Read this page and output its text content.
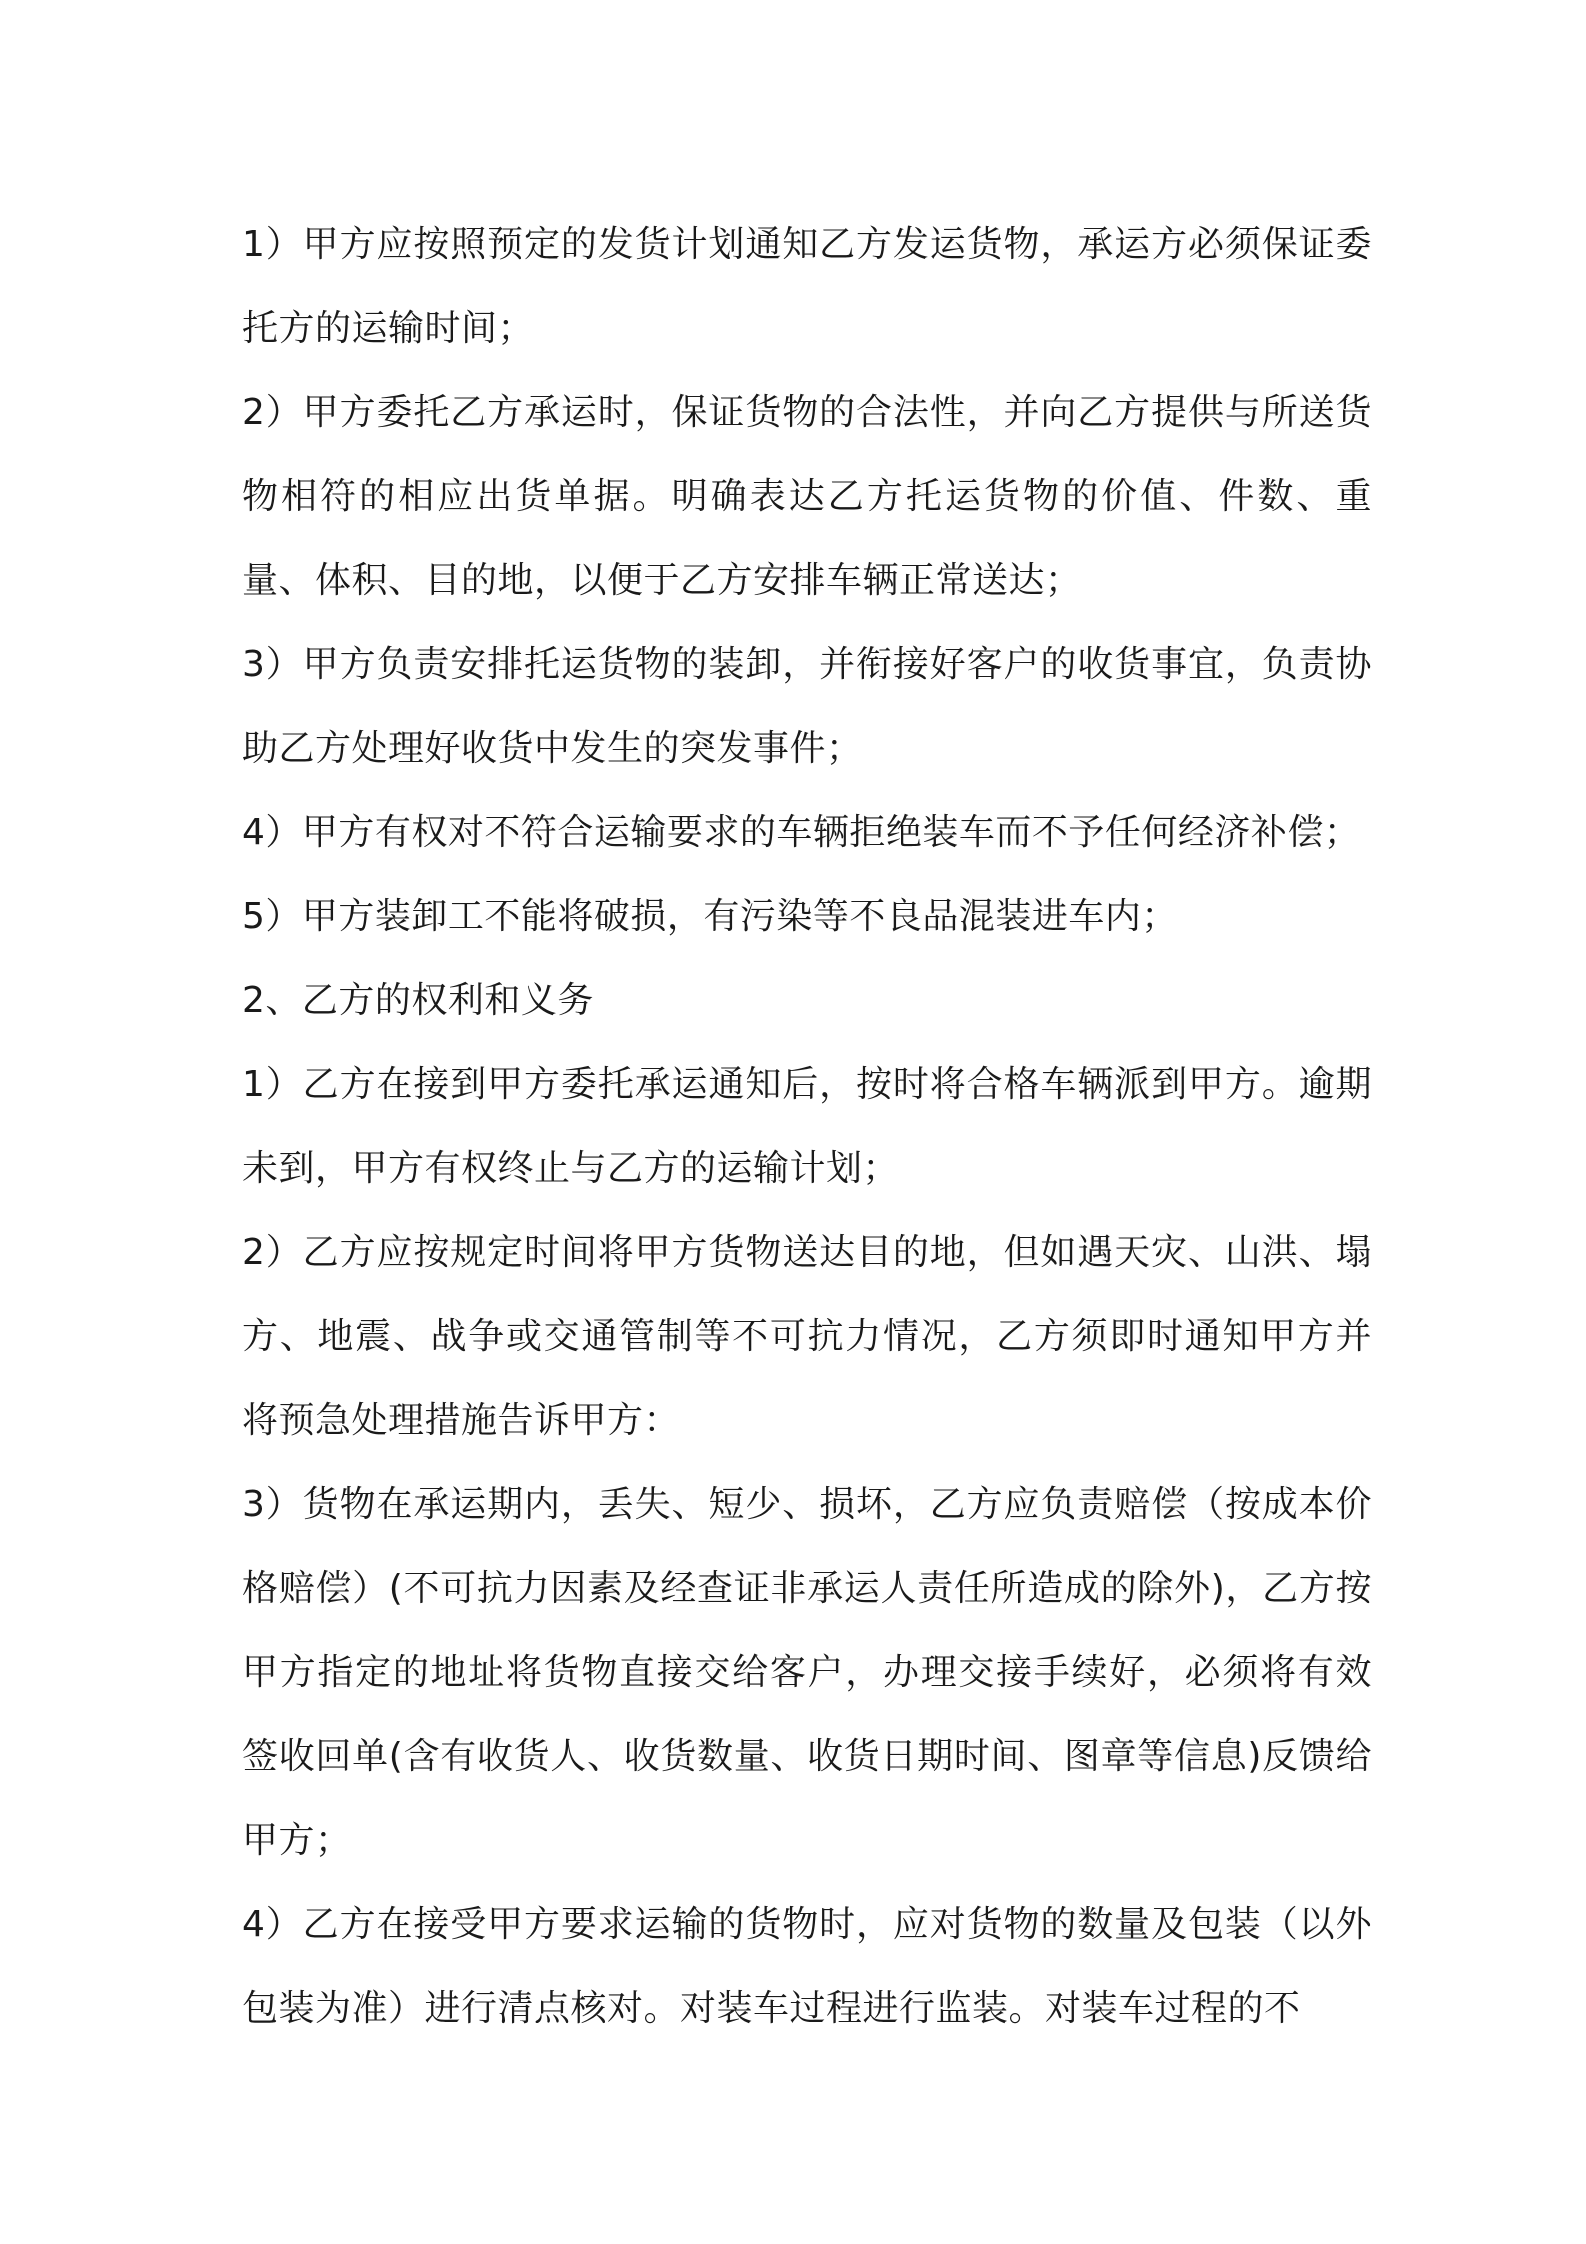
1）甲方应按照预定的发货计划通知乙方发运货物，承运方必须保证委托方的运输时间；

2）甲方委托乙方承运时，保证货物的合法性，并向乙方提供与所送货物相符的相应出货单据。明确表达乙方托运货物的价值、件数、重量、体积、目的地，以便于乙方安排车辆正常送达；

3）甲方负责安排托运货物的装卸，并衔接好客户的收货事宜，负责协助乙方处理好收货中发生的突发事件；

4）甲方有权对不符合运输要求的车辆拒绝装车而不予任何经济补偿；

5）甲方装卸工不能将破损，有污染等不良品混装进车内；

2、乙方的权利和义务

1）乙方在接到甲方委托承运通知后，按时将合格车辆派到甲方。逾期未到，甲方有权终止与乙方的运输计划；

2）乙方应按规定时间将甲方货物送达目的地，但如遇天灾、山洪、塌方、地震、战争或交通管制等不可抗力情况，乙方须即时通知甲方并将预急处理措施告诉甲方：

3）货物在承运期内，丢失、短少、损坏，乙方应负责赔偿（按成本价格赔偿）(不可抗力因素及经查证非承运人责任所造成的除外)，乙方按甲方指定的地址将货物直接交给客户，办理交接手续好，必须将有效签收回单(含有收货人、收货数量、收货日期时间、图章等信息)反馈给甲方；

4）乙方在接受甲方要求运输的货物时，应对货物的数量及包装（以外包装为准）进行清点核对。对装车过程进行监装。对装车过程的不
